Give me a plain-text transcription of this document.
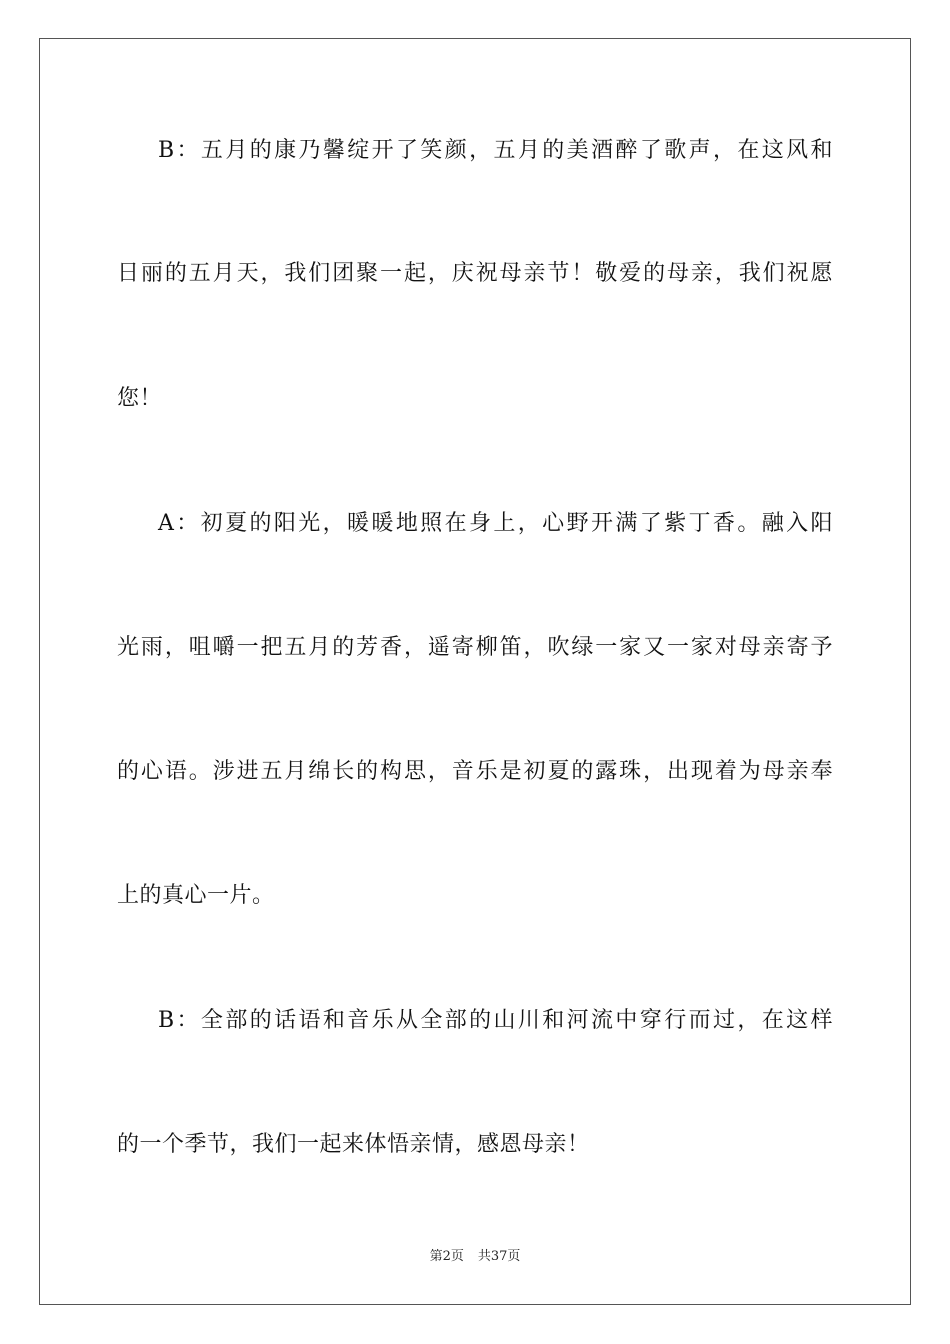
B：五月的康乃馨绽开了笑颜，五月的美酒醉了歌声，在这风和
日丽的五月天，我们团聚一起，庆祝母亲节！敬爱的母亲，我们祝愿
您！
A：初夏的阳光，暖暖地照在身上，心野开满了紫丁香。融入阳
光雨，咀嚼一把五月的芳香，遥寄柳笛，吹绿一家又一家对母亲寄予
的心语。涉进五月绵长的构思，音乐是初夏的露珠，出现着为母亲奉
上的真心一片。
B：全部的话语和音乐从全部的山川和河流中穿行而过，在这样
的一个季节，我们一起来体悟亲情，感恩母亲！
第2页 共37页
